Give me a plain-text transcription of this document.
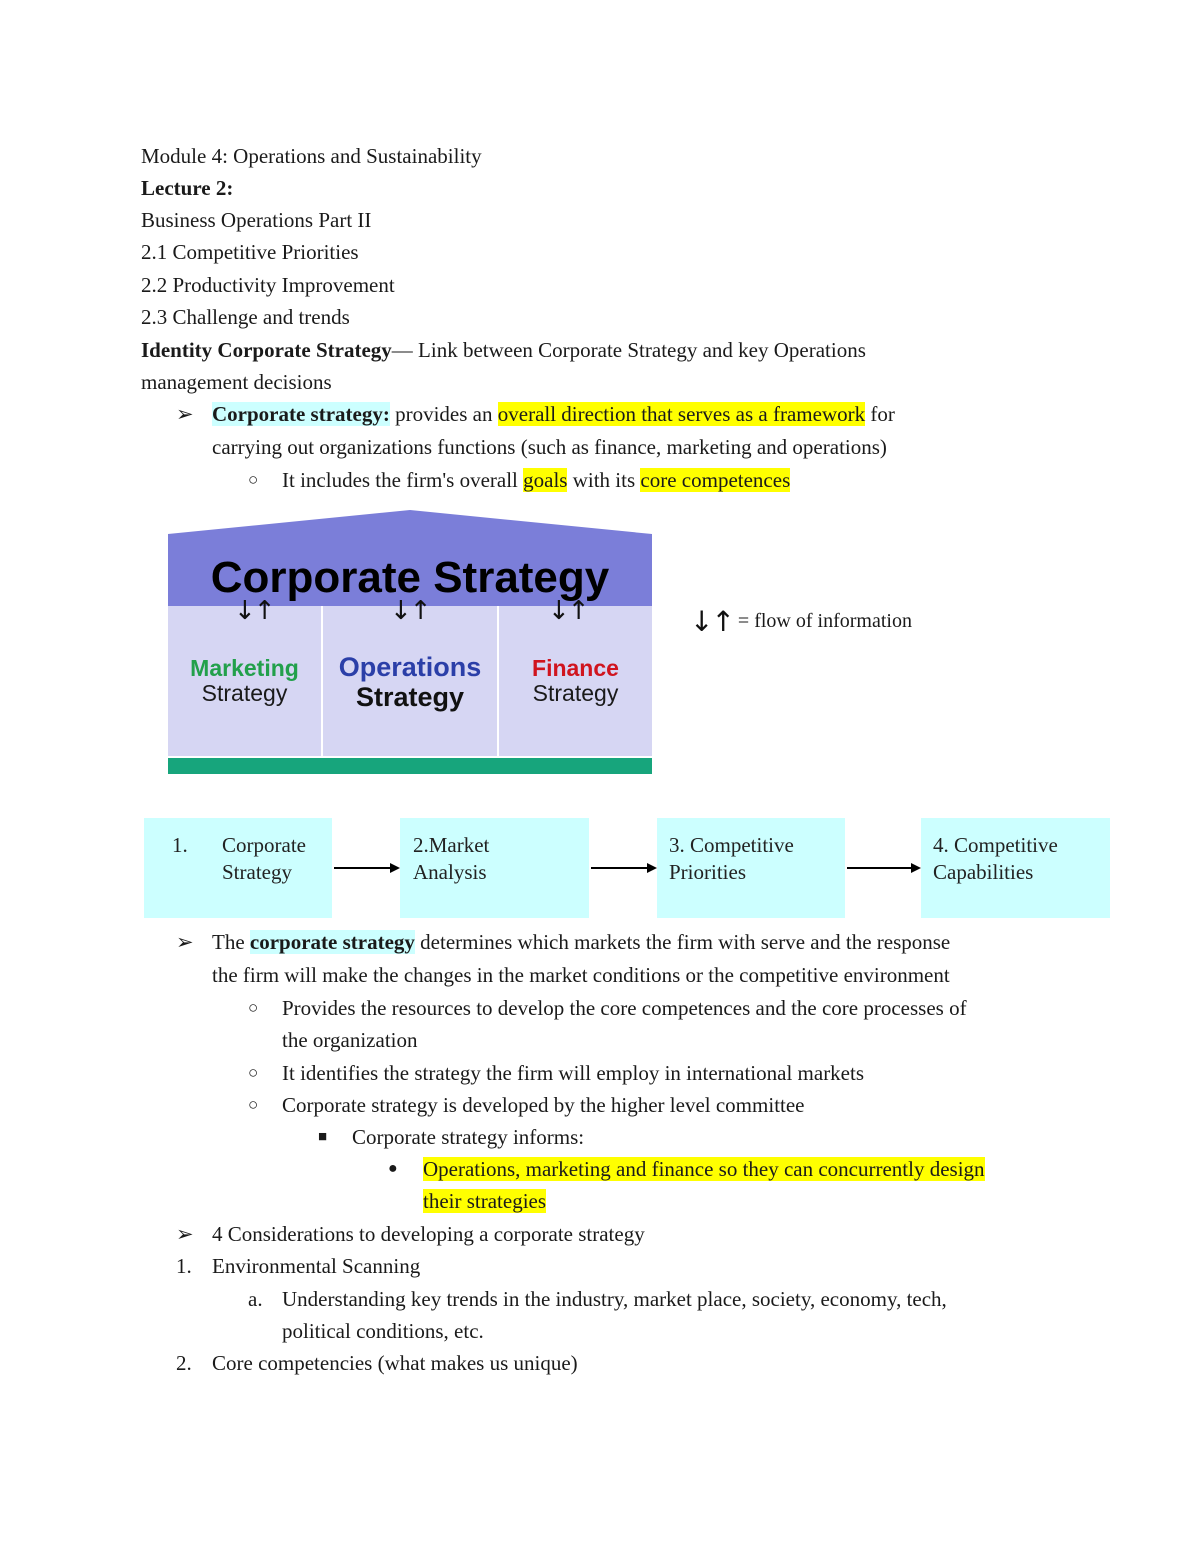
Module 4: Operations and Sustainability
Lecture 2:
Business Operations Part II
2.1 Competitive Priorities
2.2 Productivity Improvement
2.3 Challenge and trends
Identity Corporate Strategy— Link between Corporate Strategy and key Operations
management decisions
➢ Corporate strategy: provides an overall direction that serves as a framework for
carrying out organizations functions (such as finance, marketing and operations)
○ It includes the firm's overall goals with its core competences
Corporate Strategy
↓↑	↓↑	↓↑
Marketing
Strategy
Operations
Strategy
Finance
Strategy
↓↑ = flow of information
1. Corporate
Strategy
2.Market
Analysis
3. Competitive
Priorities
4. Competitive
Capabilities
➢ The corporate strategy determines which markets the firm with serve and the response
the firm will make the changes in the market conditions or the competitive environment
○ Provides the resources to develop the core competences and the core processes of
the organization
○ It identifies the strategy the firm will employ in international markets
○ Corporate strategy is developed by the higher level committee
■ Corporate strategy informs:
● Operations, marketing and finance so they can concurrently design
their strategies
➢ 4 Considerations to developing a corporate strategy
1. Environmental Scanning
a. Understanding key trends in the industry, market place, society, economy, tech,
political conditions, etc.
2. Core competencies (what makes us unique)
